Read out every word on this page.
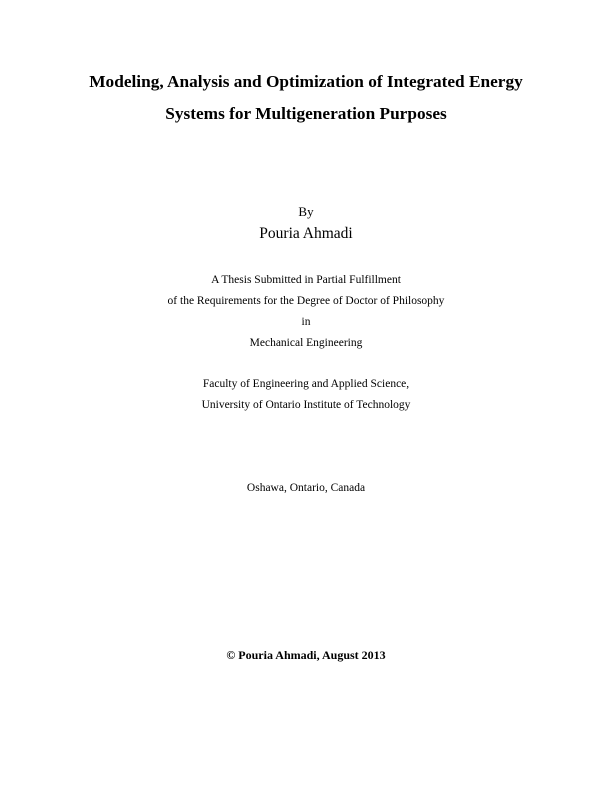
Modeling, Analysis and Optimization of Integrated Energy
Systems for Multigeneration Purposes
By
Pouria Ahmadi
A Thesis Submitted in Partial Fulfillment
of the Requirements for the Degree of Doctor of Philosophy
in
Mechanical Engineering
Faculty of Engineering and Applied Science,
University of Ontario Institute of Technology
Oshawa, Ontario, Canada
© Pouria Ahmadi, August 2013
